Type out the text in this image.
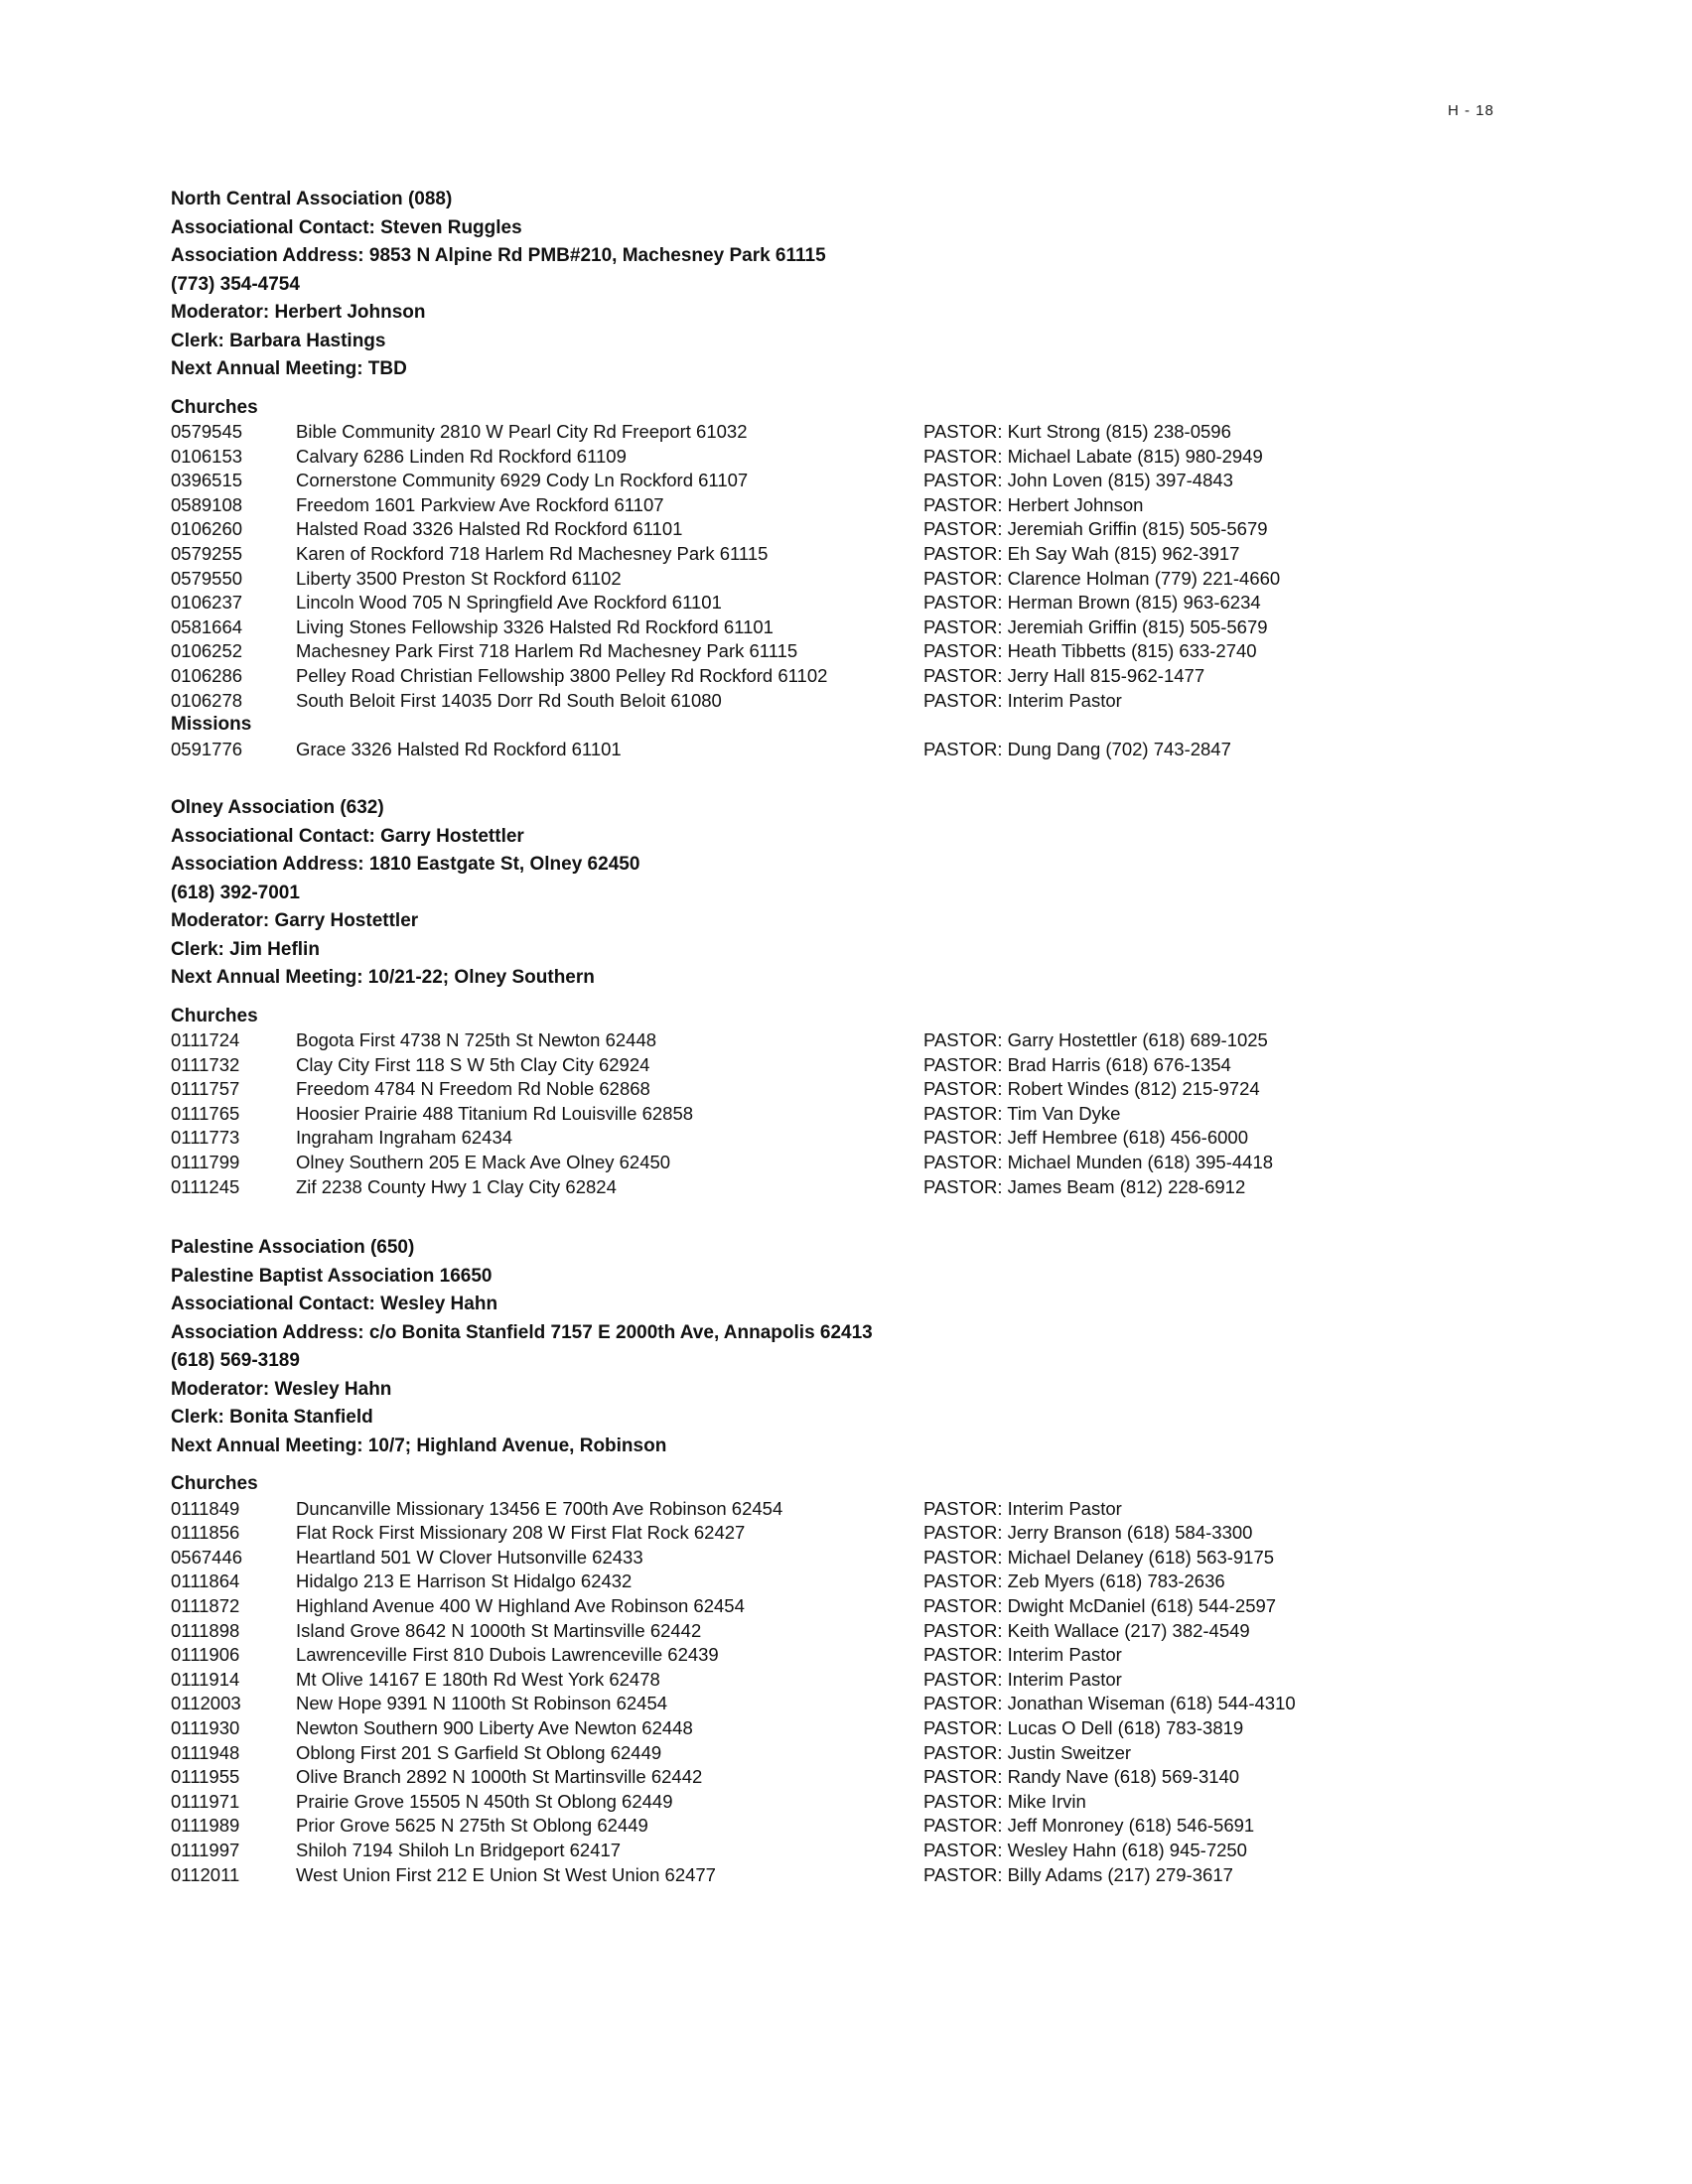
H - 18
North Central Association (088)
Associational Contact: Steven Ruggles
Association Address: 9853 N Alpine Rd PMB#210, Machesney Park 61115
(773) 354-4754
Moderator: Herbert Johnson
Clerk: Barbara Hastings
Next Annual Meeting: TBD
Churches
0579545	Bible Community 2810 W Pearl City Rd Freeport 61032	PASTOR: Kurt Strong (815) 238-0596
0106153	Calvary 6286 Linden Rd Rockford 61109	PASTOR: Michael Labate (815) 980-2949
0396515	Cornerstone Community 6929 Cody Ln Rockford 61107	PASTOR: John Loven (815) 397-4843
0589108	Freedom 1601 Parkview Ave Rockford 61107	PASTOR: Herbert Johnson
0106260	Halsted Road 3326 Halsted Rd Rockford 61101	PASTOR: Jeremiah Griffin (815) 505-5679
0579255	Karen of Rockford 718 Harlem Rd Machesney Park 61115	PASTOR: Eh Say Wah (815) 962-3917
0579550	Liberty 3500 Preston St Rockford 61102	PASTOR: Clarence Holman (779) 221-4660
0106237	Lincoln Wood 705 N Springfield Ave Rockford 61101	PASTOR: Herman Brown (815) 963-6234
0581664	Living Stones Fellowship 3326 Halsted Rd Rockford 61101	PASTOR: Jeremiah Griffin (815) 505-5679
0106252	Machesney Park First 718 Harlem Rd Machesney Park 61115	PASTOR: Heath Tibbetts (815) 633-2740
0106286	Pelley Road Christian Fellowship 3800 Pelley Rd Rockford 61102	PASTOR: Jerry Hall 815-962-1477
0106278	South Beloit First 14035 Dorr Rd South Beloit 61080	PASTOR: Interim Pastor
Missions
0591776	Grace 3326 Halsted Rd Rockford 61101	PASTOR: Dung Dang (702) 743-2847
Olney Association (632)
Associational Contact: Garry Hostettler
Association Address: 1810 Eastgate St, Olney 62450
(618) 392-7001
Moderator: Garry Hostettler
Clerk: Jim Heflin
Next Annual Meeting: 10/21-22; Olney Southern
Churches
0111724	Bogota First 4738 N 725th St Newton 62448	PASTOR: Garry Hostettler (618) 689-1025
0111732	Clay City First 118 S W 5th Clay City 62924	PASTOR: Brad Harris (618) 676-1354
0111757	Freedom 4784 N Freedom Rd Noble 62868	PASTOR: Robert Windes (812) 215-9724
0111765	Hoosier Prairie 488 Titanium Rd Louisville 62858	PASTOR: Tim Van Dyke
0111773	Ingraham Ingraham 62434	PASTOR: Jeff Hembree (618) 456-6000
0111799	Olney Southern 205 E Mack Ave Olney 62450	PASTOR: Michael Munden (618) 395-4418
0111245	Zif 2238 County Hwy 1 Clay City 62824	PASTOR: James Beam (812) 228-6912
Palestine Association (650)
Palestine Baptist Association 16650
Associational Contact: Wesley Hahn
Association Address: c/o Bonita Stanfield 7157 E 2000th Ave, Annapolis 62413
(618) 569-3189
Moderator: Wesley Hahn
Clerk: Bonita Stanfield
Next Annual Meeting: 10/7; Highland Avenue, Robinson
Churches
0111849	Duncanville Missionary 13456 E 700th Ave Robinson 62454	PASTOR: Interim Pastor
0111856	Flat Rock First Missionary 208 W First Flat Rock 62427	PASTOR: Jerry Branson (618) 584-3300
0567446	Heartland 501 W Clover Hutsonville 62433	PASTOR: Michael Delaney (618) 563-9175
0111864	Hidalgo 213 E Harrison St Hidalgo 62432	PASTOR: Zeb Myers (618) 783-2636
0111872	Highland Avenue 400 W Highland Ave Robinson 62454	PASTOR: Dwight McDaniel (618) 544-2597
0111898	Island Grove 8642 N 1000th St Martinsville 62442	PASTOR: Keith Wallace (217) 382-4549
0111906	Lawrenceville First 810 Dubois Lawrenceville 62439	PASTOR: Interim Pastor
0111914	Mt Olive 14167 E 180th Rd West York 62478	PASTOR: Interim Pastor
0112003	New Hope 9391 N 1100th St Robinson 62454	PASTOR: Jonathan Wiseman (618) 544-4310
0111930	Newton Southern 900 Liberty Ave Newton 62448	PASTOR: Lucas O Dell (618) 783-3819
0111948	Oblong First 201 S Garfield St Oblong 62449	PASTOR: Justin Sweitzer
0111955	Olive Branch 2892 N 1000th St Martinsville 62442	PASTOR: Randy Nave (618) 569-3140
0111971	Prairie Grove 15505 N 450th St Oblong 62449	PASTOR: Mike Irvin
0111989	Prior Grove 5625 N 275th St Oblong 62449	PASTOR: Jeff Monroney (618) 546-5691
0111997	Shiloh 7194 Shiloh Ln Bridgeport 62417	PASTOR: Wesley Hahn (618) 945-7250
0112011	West Union First 212 E Union St West Union 62477	PASTOR: Billy Adams (217) 279-3617
